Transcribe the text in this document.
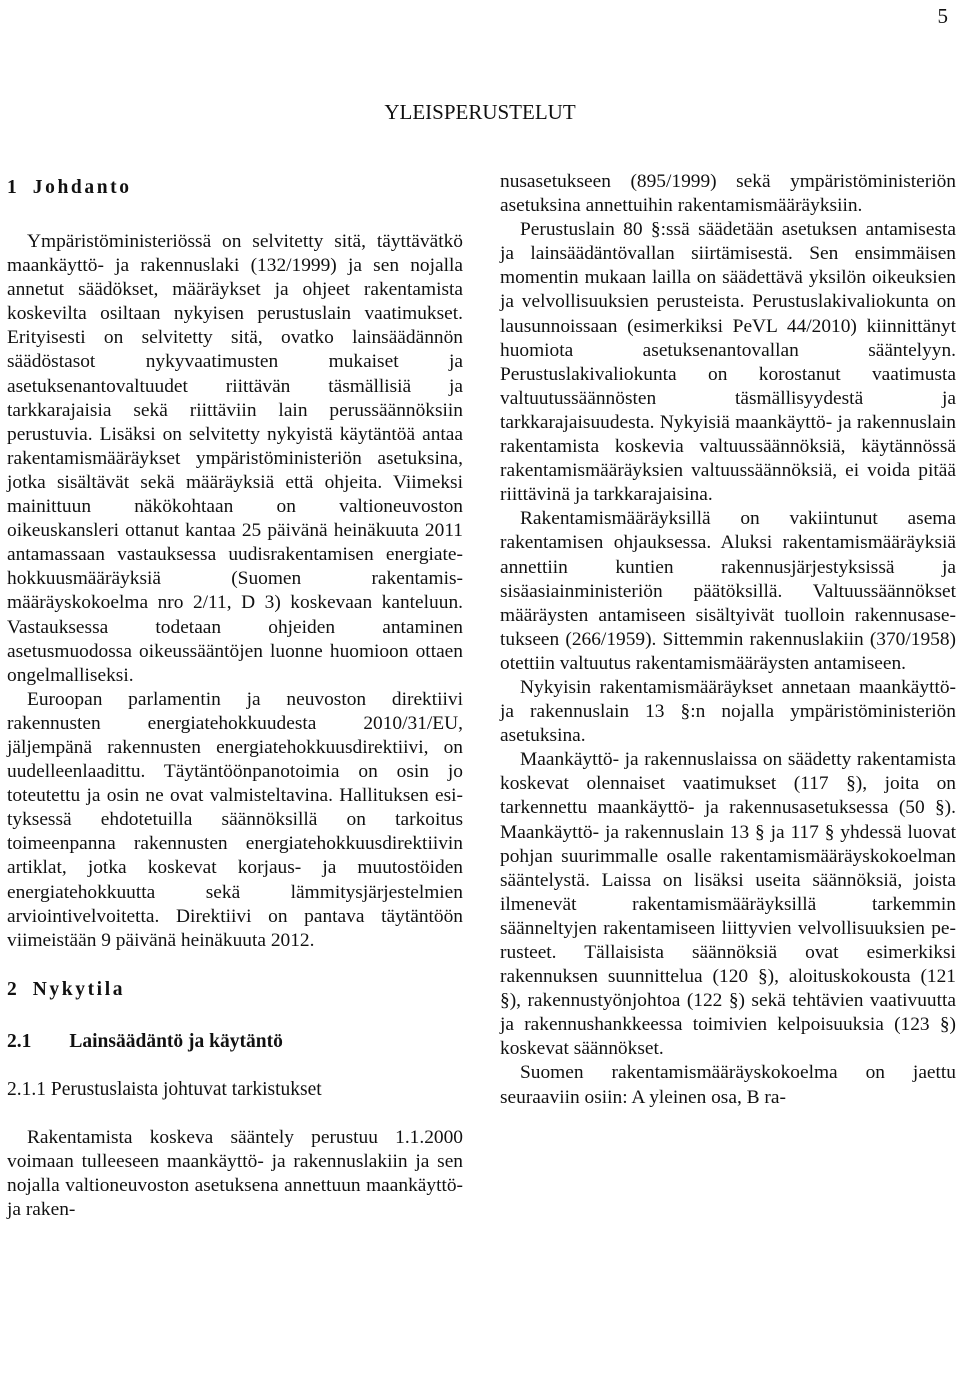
5
YLEISPERUSTELUT
1 Johdanto

Ympäristöministeriössä on selvitetty sitä, täyttävätkö maankäyttö- ja rakennuslaki (132/1999) ja sen nojalla annetut säädökset, määräykset ja ohjeet rakentamista koskevilta osiltaan nykyisen perustuslain vaatimukset. Erityisesti on selvitetty sitä, ovatko lainsäädännön säädöstasot nykyvaatimusten mukaiset ja asetuksenantovaltuudet riittävän täsmällisiä ja tarkkarajaisia sekä riittäviin lain perussäännöksiin perustuvia. Lisäksi on selvitetty nykyistä käytäntöä antaa rakentamismääräykset ympäristöministeriön asetuksina, jotka sisältävät sekä määräyksiä että ohjeita. Viimeksi mainittuun näkökohtaan on valtioneuvoston oikeuskansleri ottanut kantaa 25 päivänä heinäkuuta 2011 antamassaan vastauksessa uudisrakentamisen energiatehokkuusmääräyksiä (Suomen rakentamismääräyskokoelma nro 2/11, D 3) koskevaan kanteluun. Vastauksessa todetaan ohjeiden antaminen asetusmuodossa oikeussääntöjen luonne huomioon ottaen ongelmalliseksi.

Euroopan parlamentin ja neuvoston direktiivi rakennusten energiatehokkuudesta 2010/31/EU, jäljempänä rakennusten energiatehokkuusdirektiivi, on uudelleenlaadittu. Täytäntöönpanotoimia on osin jo toteutettu ja osin ne ovat valmisteltavina. Hallituksen esityksessä ehdotetuilla säännöksillä on tarkoitus toimeenpanna rakennusten energiatehokkuusdirektiivin artiklat, jotka koskevat korjaus- ja muutostöiden energiatehokkuutta sekä lämmitysjärjestelmien arviointivelvoitetta. Direktiivi on pantava täytäntöön viimeistään 9 päivänä heinäkuuta 2012.

2 Nykytila
2.1 Lainsäädäntö ja käytäntö
2.1.1 Perustuslaista johtuvat tarkistukset

Rakentamista koskeva sääntely perustuu 1.1.2000 voimaan tulleeseen maankäyttö- ja rakennuslakiin ja sen nojalla valtioneuvoston asetuksena annettuun maankäyttö- ja raken-

nusasetukseen (895/1999) sekä ympäristöministeriön asetuksina annettuihin rakentamismääräyksiin.

Perustuslain 80 §:ssä säädetään asetuksen antamisesta ja lainsäädäntövallan siirtämisestä. Sen ensimmäisen momentin mukaan lailla on säädettävä yksilön oikeuksien ja velvollisuuksien perusteista. Perustuslakivaliokunta on lausunnoissaan (esimerkiksi PeVL 44/2010) kiinnittänyt huomiota asetuksenantovallan sääntelyyn. Perustuslakivaliokunta on korostanut vaatimusta valtuutussäännösten täsmällisyydestä ja tarkkarajaisuudesta. Nykyisiä maankäyttö- ja rakennuslain rakentamista koskevia valtuussäännöksiä, käytännössä rakentamismääräyksien valtuussäännöksiä, ei voida pitää riittävinä ja tarkkarajaisina.

Rakentamismääräyksillä on vakiintunut asema rakentamisen ohjauksessa. Aluksi rakentamismääräyksiä annettiin kuntien rakennusjärjestyksissä ja sisäasiainministeriön päätöksillä. Valtuussäännökset määräysten antamiseen sisältyivät tuolloin rakennusasetukseen (266/1959). Sittemmin rakennuslakiin (370/1958) otettiin valtuutus rakentamismääräysten antamiseen.

Nykyisin rakentamismääräykset annetaan maankäyttö- ja rakennuslain 13 §:n nojalla ympäristöministeriön asetuksina.

Maankäyttö- ja rakennuslaissa on säädetty rakentamista koskevat olennaiset vaatimukset (117 §), joita on tarkennettu maankäyttö- ja rakennusasetuksessa (50 §). Maankäyttö- ja rakennuslain 13 § ja 117 § yhdessä luovat pohjan suurimmalle osalle rakentamismääräyskokoelman sääntelystä. Laissa on lisäksi useita säännöksiä, joista ilmenevät rakentamismääräyksillä tarkemmin säänneltyjen rakentamiseen liittyvien velvollisuuksien perusteet. Tällaisista säännöksiä ovat esimerkiksi rakennuksen suunnittelua (120 §), aloituskokousta (121 §), rakennustyönjohtoa (122 §) sekä tehtävien vaativuutta ja rakennushankkeessa toimivien kelpoisuuksia (123 §) koskevat säännökset.

Suomen rakentamismääräyskokoelma on jaettu seuraaviin osiin: A yleinen osa, B ra-
